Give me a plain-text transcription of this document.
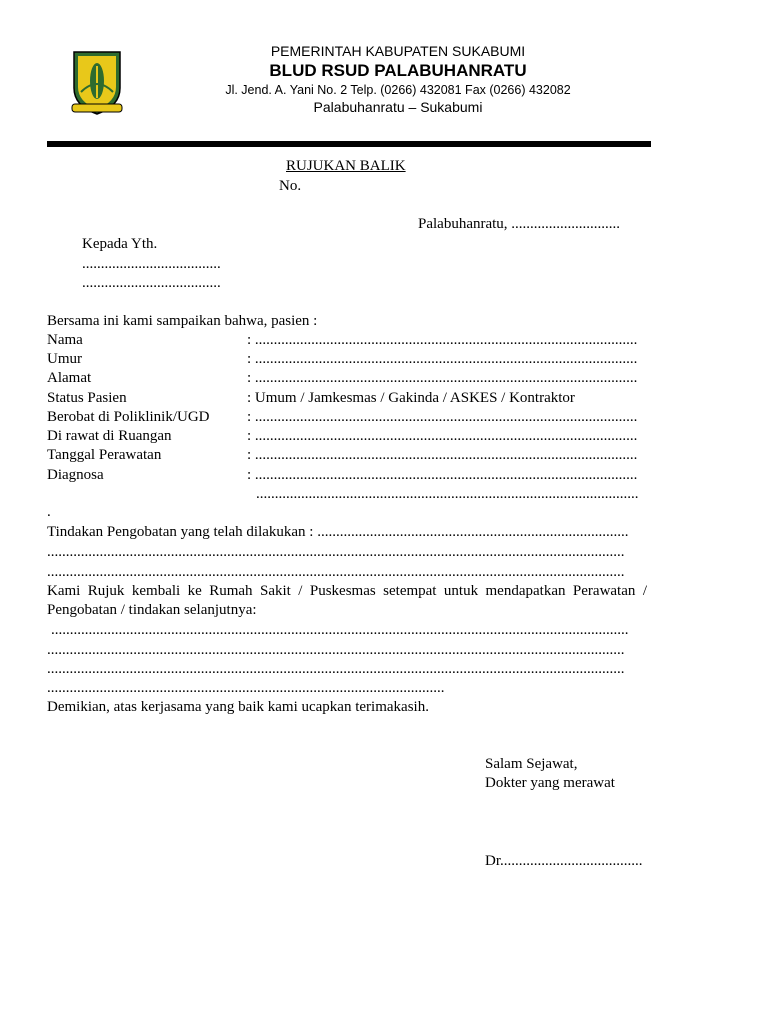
PEMERINTAH KABUPATEN SUKABUMI
BLUD RSUD PALABUHANRATU
Jl. Jend. A. Yani No. 2 Telp. (0266) 432081 Fax (0266) 432082
Palabuhanratu – Sukabumi
RUJUKAN BALIK
No.
Palabuhanratu, .............................
Kepada Yth.
.....................................
.....................................
Bersama ini kami sampaikan bahwa, pasien :
Nama	: ......................................................................................................
Umur	: ......................................................................................................
Alamat	: ......................................................................................................
Status Pasien	: Umum / Jamkesmas / Gakinda / ASKES / Kontraktor
Berobat di Poliklinik/UGD	: ......................................................................................................
Di rawat di Ruangan	: ......................................................................................................
Tanggal Perawatan	: ......................................................................................................
Diagnosa	: ......................................................................................................
......................................................................................................
.
Tindakan Pengobatan yang telah dilakukan : ...................................................................................
..........................................................................................................................................................
..........................................................................................................................................................
Kami Rujuk kembali ke Rumah Sakit / Puskesmas setempat untuk mendapatkan Perawatan /
Pengobatan / tindakan selanjutnya:
..........................................................................................................................................................
..........................................................................................................................................................
..........................................................................................................................................................
..........................................................................................................
Demikian, atas kerjasama yang baik kami ucapkan terimakasih.
Salam Sejawat,
Dokter yang merawat
Dr......................................
